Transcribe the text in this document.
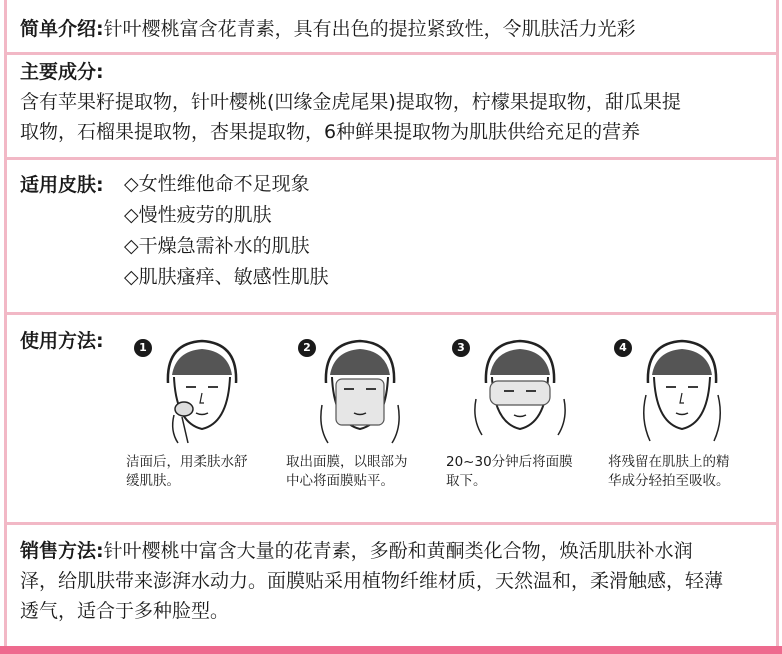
简单介绍:针叶樱桃富含花青素，具有出色的提拉紧致性，令肌肤活力光彩
主要成分:
含有苹果籽提取物，针叶樱桃(凹缘金虎尾果)提取物，柠檬果提取物，甜瓜果提
取物，石榴果提取物，杏果提取物，6种鲜果提取物为肌肤供给充足的营养
适用皮肤:	◇女性维他命不足现象
◇慢性疲劳的肌肤
◇干燥急需补水的肌肤
◇肌肤瘙痒、敏感性肌肤
使用方法:	1
洁面后，用柔肤水舒
缓肌肤。
2
取出面膜，以眼部为
中心将面膜贴平。
3
20~30分钟后将面膜
取下。
4
将残留在肌肤上的精
华成分轻拍至吸收。
销售方法:针叶樱桃中富含大量的花青素，多酚和黄酮类化合物，焕活肌肤补水润
泽，给肌肤带来澎湃水动力。面膜贴采用植物纤维材质，天然温和，柔滑触感，轻薄
透气，适合于多种脸型。
